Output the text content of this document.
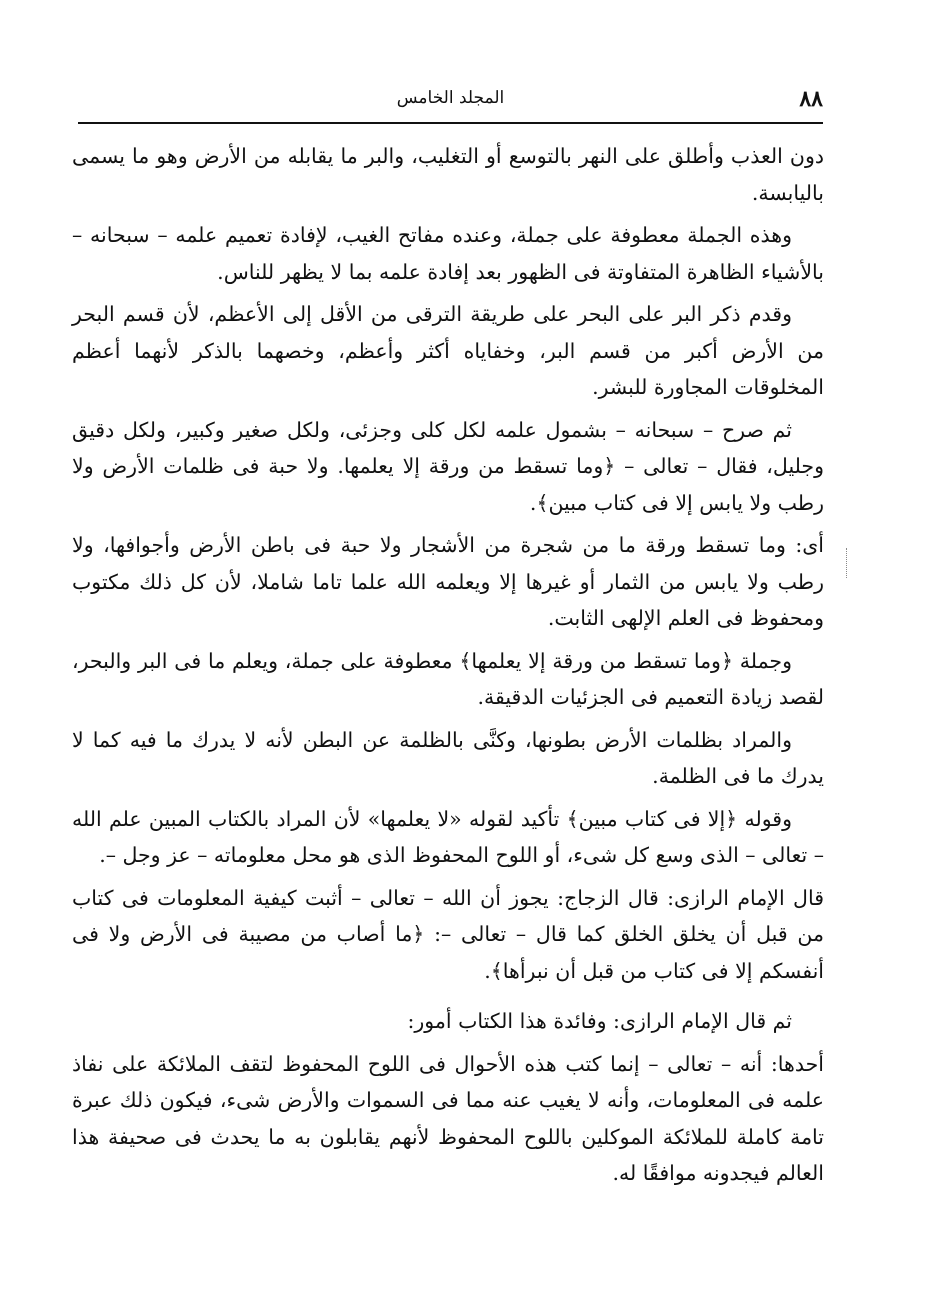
٨٨
المجلد الخامس

دون العذب وأطلق على النهر بالتوسع أو التغليب، والبر ما يقابله من الأرض وهو ما يسمى باليابسة.

وهذه الجملة معطوفة على جملة، وعنده مفاتح الغيب، لإفادة تعميم علمه – سبحانه – بالأشياء الظاهرة المتفاوتة فى الظهور بعد إفادة علمه بما لا يظهر للناس.

وقدم ذكر البر على البحر على طريقة الترقى من الأقل إلى الأعظم، لأن قسم البحر من الأرض أكبر من قسم البر، وخفاياه أكثر وأعظم، وخصهما بالذكر لأنهما أعظم المخلوقات المجاورة للبشر.

ثم صرح – سبحانه – بشمول علمه لكل كلى وجزئى، ولكل صغير وكبير، ولكل دقيق وجليل، فقال – تعالى – ﴿وما تسقط من ورقة إلا يعلمها. ولا حبة فى ظلمات الأرض ولا رطب ولا يابس إلا فى كتاب مبين﴾.

أى: وما تسقط ورقة ما من شجرة من الأشجار ولا حبة فى باطن الأرض وأجوافها، ولا رطب ولا يابس من الثمار أو غيرها إلا ويعلمه الله علما تاما شاملا، لأن كل ذلك مكتوب ومحفوظ فى العلم الإلهى الثابت.

وجملة ﴿وما تسقط من ورقة إلا يعلمها﴾ معطوفة على جملة، ويعلم ما فى البر والبحر، لقصد زيادة التعميم فى الجزئيات الدقيقة.

والمراد بظلمات الأرض بطونها، وكنَّى بالظلمة عن البطن لأنه لا يدرك ما فيه كما لا يدرك ما فى الظلمة.

وقوله ﴿إلا فى كتاب مبين﴾ تأكيد لقوله «لا يعلمها» لأن المراد بالكتاب المبين علم الله – تعالى – الذى وسع كل شىء، أو اللوح المحفوظ الذى هو محل معلوماته – عز وجل –.

قال الإمام الرازى: قال الزجاج: يجوز أن الله – تعالى – أثبت كيفية المعلومات فى كتاب من قبل أن يخلق الخلق كما قال – تعالى –: ﴿ما أصاب من مصيبة فى الأرض ولا فى أنفسكم إلا فى كتاب من قبل أن نبرأها﴾.

ثم قال الإمام الرازى: وفائدة هذا الكتاب أمور:

أحدها: أنه – تعالى – إنما كتب هذه الأحوال فى اللوح المحفوظ لتقف الملائكة على نفاذ علمه فى المعلومات، وأنه لا يغيب عنه مما فى السموات والأرض شىء، فيكون ذلك عبرة تامة كاملة للملائكة الموكلين باللوح المحفوظ لأنهم يقابلون به ما يحدث فى صحيفة هذا العالم فيجدونه موافقًا له.
